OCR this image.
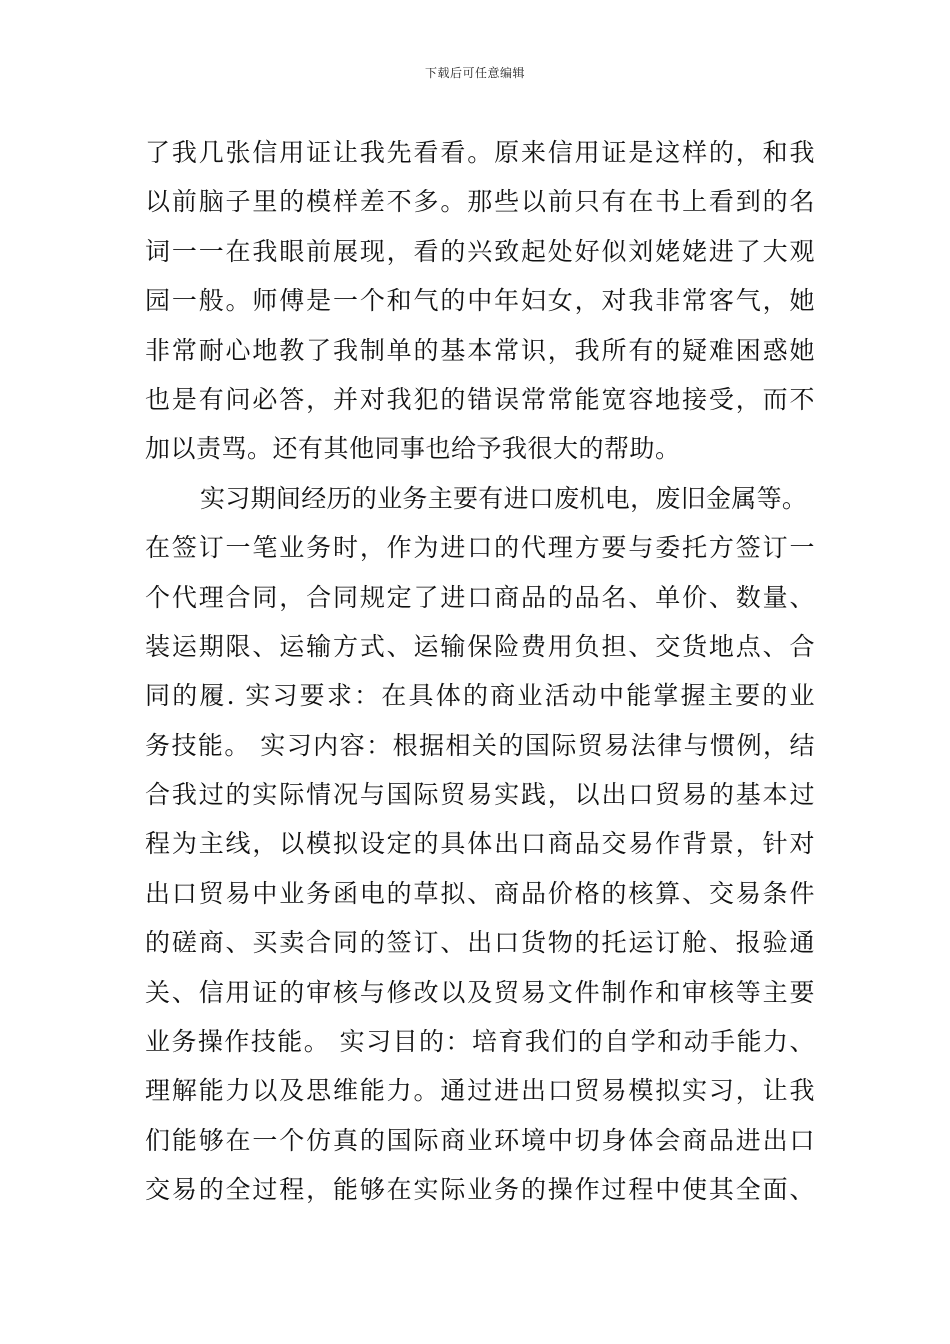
下载后可任意编辑
了我几张信用证让我先看看。原来信用证是这样的，和我
以前脑子里的模样差不多。那些以前只有在书上看到的名
词一一在我眼前展现，看的兴致起处好似刘姥姥进了大观
园一般。师傅是一个和气的中年妇女，对我非常客气，她
非常耐心地教了我制单的基本常识，我所有的疑难困惑她
也是有问必答，并对我犯的错误常常能宽容地接受，而不
加以责骂。还有其他同事也给予我很大的帮助。
实习期间经历的业务主要有进口废机电，废旧金属等。
在签订一笔业务时，作为进口的代理方要与委托方签订一
个代理合同，合同规定了进口商品的品名、单价、数量、
装运期限、运输方式、运输保险费用负担、交货地点、合
同的履. 实习要求：在具体的商业活动中能掌握主要的业
务技能。 实习内容：根据相关的国际贸易法律与惯例，结
合我过的实际情况与国际贸易实践，以出口贸易的基本过
程为主线，以模拟设定的具体出口商品交易作背景，针对
出口贸易中业务函电的草拟、商品价格的核算、交易条件
的磋商、买卖合同的签订、出口货物的托运订舱、报验通
关、信用证的审核与修改以及贸易文件制作和审核等主要
业务操作技能。 实习目的：培育我们的自学和动手能力、
理解能力以及思维能力。通过进出口贸易模拟实习，让我
们能够在一个仿真的国际商业环境中切身体会商品进出口
交易的全过程，能够在实际业务的操作过程中使其全面、
